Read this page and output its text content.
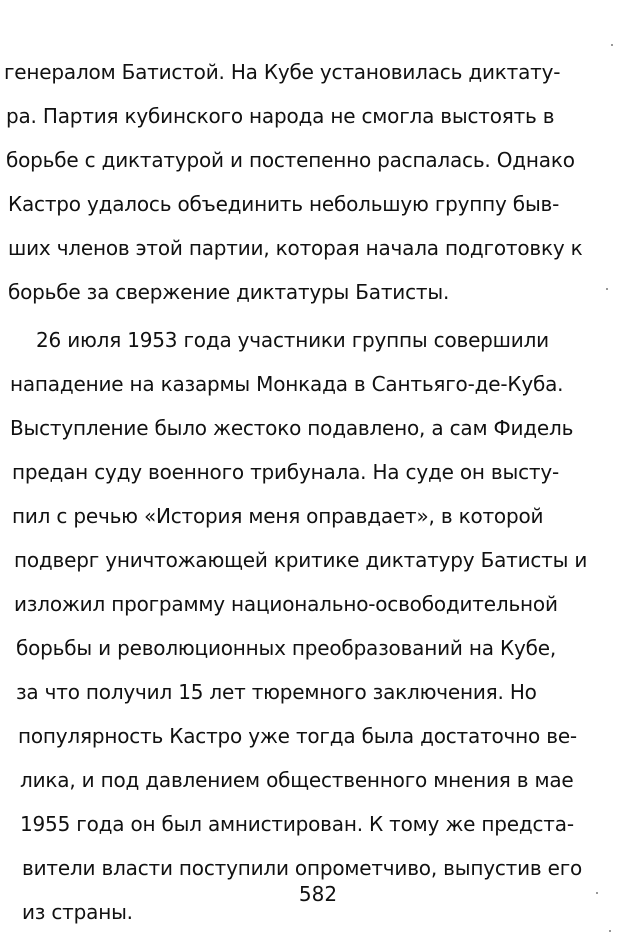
генералом Батистой. На Кубе установилась диктату-
ра. Партия кубинского народа не смогла выстоять в
борьбе с диктатурой и постепенно распалась. Однако
Кастро удалось объединить небольшую группу быв-
ших членов этой партии, которая начала подготовку к
борьбе за свержение диктатуры Батисты.
26 июля 1953 года участники группы совершили
нападение на казармы Монкада в Сантьяго-де-Куба.
Выступление было жестоко подавлено, а сам Фидель
предан суду военного трибунала. На суде он высту-
пил с речью «История меня оправдает», в которой
подверг уничтожающей критике диктатуру Батисты и
изложил программу национально-освободительной
борьбы и революционных преобразований на Кубе,
за что получил 15 лет тюремного заключения. Но
популярность Кастро уже тогда была достаточно ве-
лика, и под давлением общественного мнения в мае
1955 года он был амнистирован. К тому же предста-
вители власти поступили опрометчиво, выпустив его
из страны.
582
